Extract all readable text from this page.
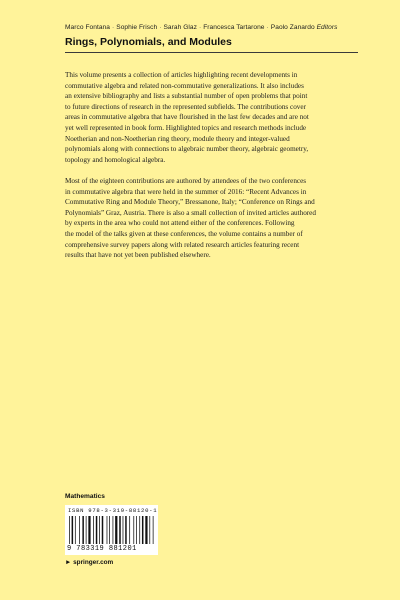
Marco Fontana · Sophie Frisch · Sarah Glaz · Francesca Tartarone · Paolo Zanardo Editors
Rings, Polynomials, and Modules

This volume presents a collection of articles highlighting recent developments in
commutative algebra and related non-commutative generalizations. It also includes
an extensive bibliography and lists a substantial number of open problems that point
to future directions of research in the represented subfields. The contributions cover
areas in commutative algebra that have flourished in the last few decades and are not
yet well represented in book form. Highlighted topics and research methods include
Noetherian and non-Noetherian ring theory, module theory and integer-valued
polynomials along with connections to algebraic number theory, algebraic geometry,
topology and homological algebra.

Most of the eighteen contributions are authored by attendees of the two conferences
in commutative algebra that were held in the summer of 2016: “Recent Advances in
Commutative Ring and Module Theory,” Bressanone, Italy; “Conference on Rings and
Polynomials” Graz, Austria. There is also a small collection of invited articles authored
by experts in the area who could not attend either of the conferences. Following
the model of the talks given at these conferences, the volume contains a number of
comprehensive survey papers along with related research articles featuring recent
results that have not yet been published elsewhere.

Mathematics
ISBN 978-3-319-88120-1
9 783319 881201
► springer.com
